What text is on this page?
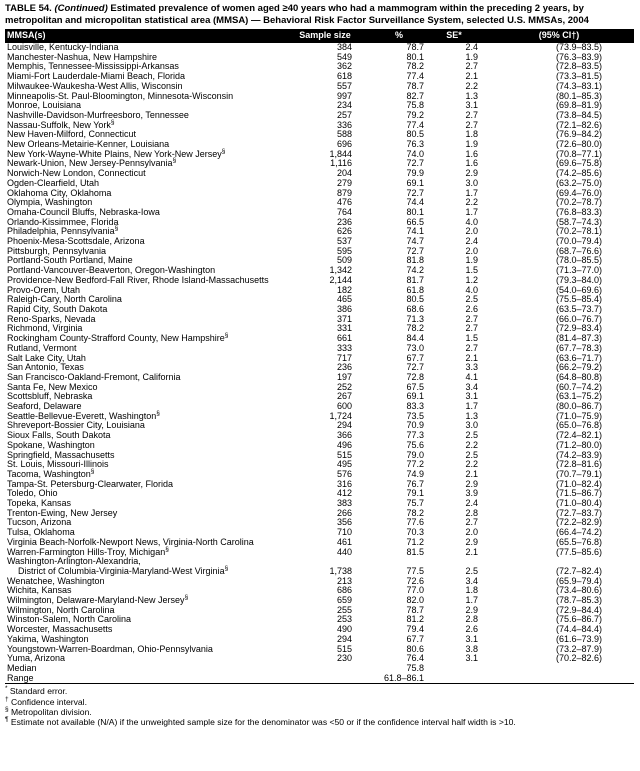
TABLE 54. (Continued) Estimated prevalence of women aged ≥40 years who had a mammogram within the preceding 2 years, by metropolitan and micropolitan statistical area (MMSA) — Behavioral Risk Factor Surveillance System, selected U.S. MMSAs, 2004
MMSA(s)	Sample size	%	SE*	(95% CI†)
Louisville, Kentucky-Indiana	384	78.7	2.4	(73.9–83.5)
Manchester-Nashua, New Hampshire	549	80.1	1.9	(76.3–83.9)
Memphis, Tennessee-Mississippi-Arkansas	362	78.2	2.7	(72.8–83.5)
Miami-Fort Lauderdale-Miami Beach, Florida	618	77.4	2.1	(73.3–81.5)
Milwaukee-Waukesha-West Allis, Wisconsin	557	78.7	2.2	(74.3–83.1)
Minneapolis-St. Paul-Bloomington, Minnesota-Wisconsin	997	82.7	1.3	(80.1–85.3)
Monroe, Louisiana	234	75.8	3.1	(69.8–81.9)
Nashville-Davidson-Murfreesboro, Tennessee	257	79.2	2.7	(73.8–84.5)
Nassau-Suffolk, New York§	336	77.4	2.7	(72.1–82.6)
New Haven-Milford, Connecticut	588	80.5	1.8	(76.9–84.2)
New Orleans-Metairie-Kenner, Louisiana	696	76.3	1.9	(72.6–80.0)
New York-Wayne-White Plains, New York-New Jersey§	1,844	74.0	1.6	(70.8–77.1)
Newark-Union, New Jersey-Pennsylvania§	1,116	72.7	1.6	(69.6–75.8)
Norwich-New London, Connecticut	204	79.9	2.9	(74.2–85.6)
Ogden-Clearfield, Utah	279	69.1	3.0	(63.2–75.0)
Oklahoma City, Oklahoma	879	72.7	1.7	(69.4–76.0)
Olympia, Washington	476	74.4	2.2	(70.2–78.7)
Omaha-Council Bluffs, Nebraska-Iowa	764	80.1	1.7	(76.8–83.3)
Orlando-Kissimmee, Florida	236	66.5	4.0	(58.7–74.3)
Philadelphia, Pennsylvania§	626	74.1	2.0	(70.2–78.1)
Phoenix-Mesa-Scottsdale, Arizona	537	74.7	2.4	(70.0–79.4)
Pittsburgh, Pennsylvania	595	72.7	2.0	(68.7–76.6)
Portland-South Portland, Maine	509	81.8	1.9	(78.0–85.5)
Portland-Vancouver-Beaverton, Oregon-Washington	1,342	74.2	1.5	(71.3–77.0)
Providence-New Bedford-Fall River, Rhode Island-Massachusetts	2,144	81.7	1.2	(79.3–84.0)
Provo-Orem, Utah	182	61.8	4.0	(54.0–69.6)
Raleigh-Cary, North Carolina	465	80.5	2.5	(75.5–85.4)
Rapid City, South Dakota	386	68.6	2.6	(63.5–73.7)
Reno-Sparks, Nevada	371	71.3	2.7	(66.0–76.7)
Richmond, Virginia	331	78.2	2.7	(72.9–83.4)
Rockingham County-Strafford County, New Hampshire§	661	84.4	1.5	(81.4–87.3)
Rutland, Vermont	333	73.0	2.7	(67.7–78.3)
Salt Lake City, Utah	717	67.7	2.1	(63.6–71.7)
San Antonio, Texas	236	72.7	3.3	(66.2–79.2)
San Francisco-Oakland-Fremont, California	197	72.8	4.1	(64.8–80.8)
Santa Fe, New Mexico	252	67.5	3.4	(60.7–74.2)
Scottsbluff, Nebraska	267	69.1	3.1	(63.1–75.2)
Seaford, Delaware	600	83.3	1.7	(80.0–86.7)
Seattle-Bellevue-Everett, Washington§	1,724	73.5	1.3	(71.0–75.9)
Shreveport-Bossier City, Louisiana	294	70.9	3.0	(65.0–76.8)
Sioux Falls, South Dakota	366	77.3	2.5	(72.4–82.1)
Spokane, Washington	496	75.6	2.2	(71.2–80.0)
Springfield, Massachusetts	515	79.0	2.5	(74.2–83.9)
St. Louis, Missouri-Illinois	495	77.2	2.2	(72.8–81.6)
Tacoma, Washington§	576	74.9	2.1	(70.7–79.1)
Tampa-St. Petersburg-Clearwater, Florida	316	76.7	2.9	(71.0–82.4)
Toledo, Ohio	412	79.1	3.9	(71.5–86.7)
Topeka, Kansas	383	75.7	2.4	(71.0–80.4)
Trenton-Ewing, New Jersey	266	78.2	2.8	(72.7–83.7)
Tucson, Arizona	356	77.6	2.7	(72.2–82.9)
Tulsa, Oklahoma	710	70.3	2.0	(66.4–74.2)
Virginia Beach-Norfolk-Newport News, Virginia-North Carolina	461	71.2	2.9	(65.5–76.8)
Warren-Farmington Hills-Troy, Michigan§	440	81.5	2.1	(77.5–85.6)
Washington-Arlington-Alexandria,
District of Columbia-Virginia-Maryland-West Virginia§	1,738	77.5	2.5	(72.7–82.4)
Wenatchee, Washington	213	72.6	3.4	(65.9–79.4)
Wichita, Kansas	686	77.0	1.8	(73.4–80.6)
Wilmington, Delaware-Maryland-New Jersey§	659	82.0	1.7	(78.7–85.3)
Wilmington, North Carolina	255	78.7	2.9	(72.9–84.4)
Winston-Salem, North Carolina	253	81.2	2.8	(75.6–86.7)
Worcester, Massachusetts	490	79.4	2.6	(74.4–84.4)
Yakima, Washington	294	67.7	3.1	(61.6–73.9)
Youngstown-Warren-Boardman, Ohio-Pennsylvania	515	80.6	3.8	(73.2–87.9)
Yuma, Arizona	230	76.4	3.1	(70.2–82.6)
Median		75.8		
Range		61.8–86.1		
* Standard error.
† Confidence interval.
§ Metropolitan division.
¶ Estimate not available (N/A) if the unweighted sample size for the denominator was <50 or if the confidence interval half width is >10.
